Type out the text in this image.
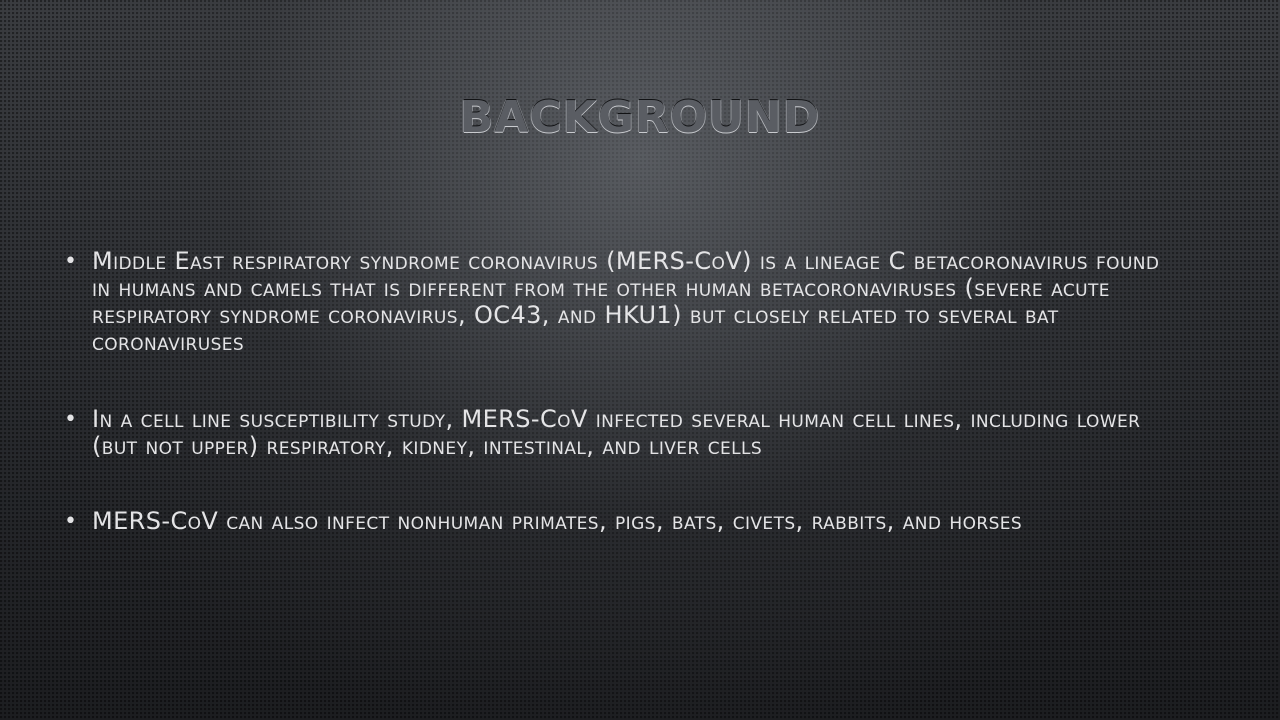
BACKGROUND
• Middle East respiratory syndrome coronavirus (MERS-CoV) is a lineage C betacoronavirus found in humans and camels that is different from the other human betacoronaviruses (severe acute respiratory syndrome coronavirus, OC43, and HKU1) but closely related to several bat coronaviruses
• In a cell line susceptibility study, MERS-CoV infected several human cell lines, including lower (but not upper) respiratory, kidney, intestinal, and liver cells
• MERS-CoV can also infect nonhuman primates, pigs, bats, civets, rabbits, and horses
